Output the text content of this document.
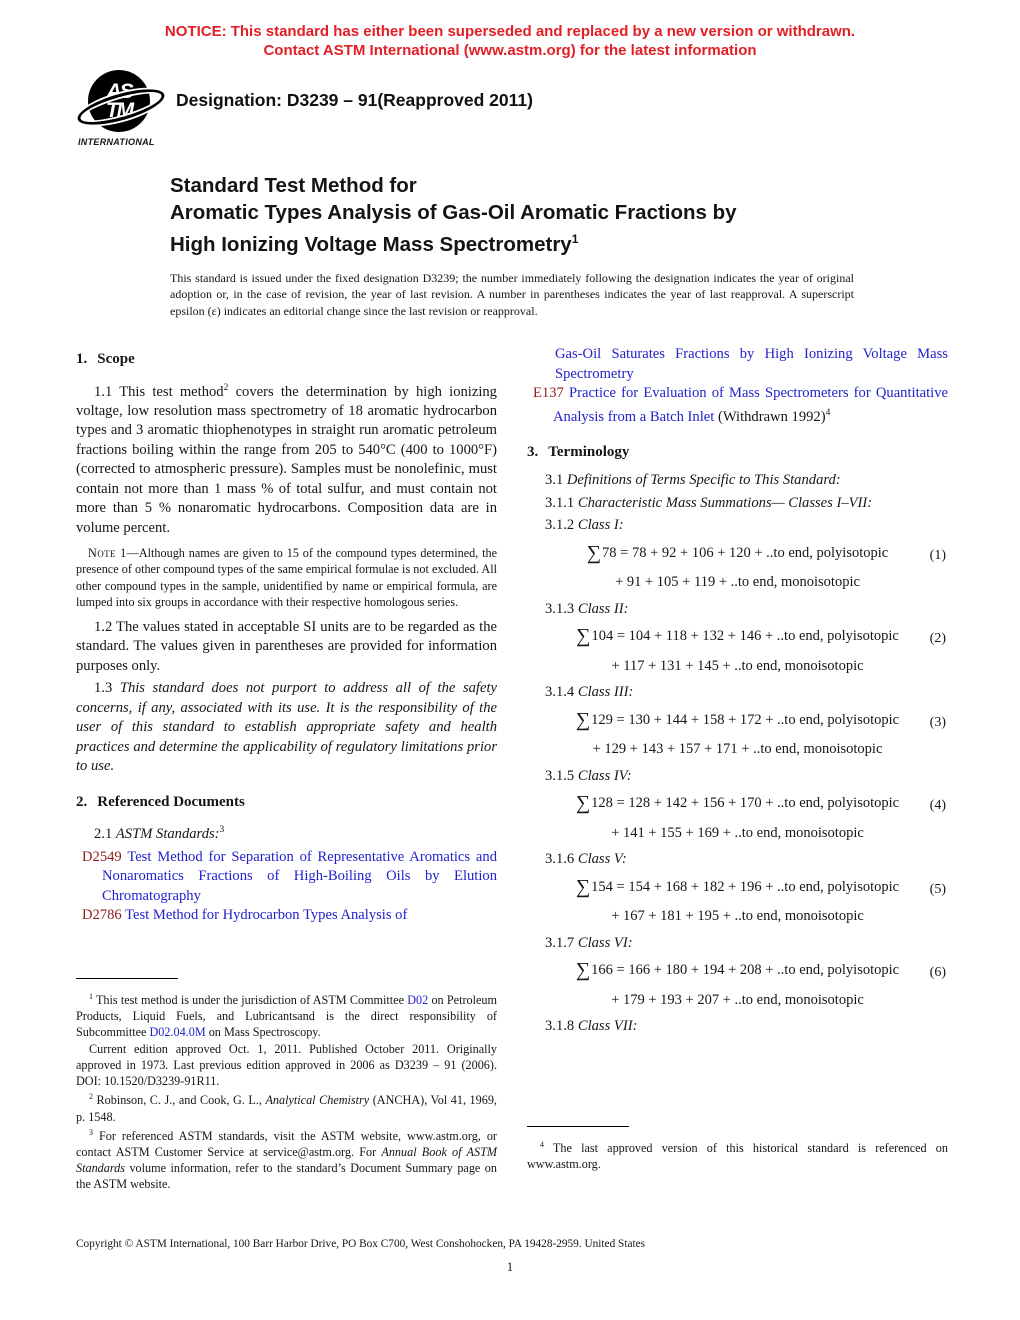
NOTICE: This standard has either been superseded and replaced by a new version or withdrawn.
Contact ASTM International (www.astm.org) for the latest information
AS
TM
INTERNATIONAL
Designation: D3239 – 91(Reapproved 2011)
Standard Test Method for
Aromatic Types Analysis of Gas-Oil Aromatic Fractions by
High Ionizing Voltage Mass Spectrometry$^1$
This standard is issued under the fixed designation D3239; the number immediately following the designation indicates the year of original adoption or, in the case of revision, the year of last revision. A number in parentheses indicates the year of last reapproval. A superscript epsilon (ε) indicates an editorial change since the last revision or reapproval.
1. Scope

1.1 This test method$^2$ covers the determination by high ionizing voltage, low resolution mass spectrometry of 18 aromatic hydrocarbon types and 3 aromatic thiophenotypes in straight run aromatic petroleum fractions boiling within the range from 205 to 540°C (400 to 1000°F) (corrected to atmospheric pressure). Samples must be nonolefinic, must contain not more than 1 mass % of total sulfur, and must contain not more than 5 % nonaromatic hydrocarbons. Composition data are in volume percent.

Note 1—Although names are given to 15 of the compound types determined, the presence of other compound types of the same empirical formulae is not excluded. All other compound types in the sample, unidentified by name or empirical formula, are lumped into six groups in accordance with their respective homologous series.

1.2 The values stated in acceptable SI units are to be regarded as the standard. The values given in parentheses are provided for information purposes only.

1.3 This standard does not purport to address all of the safety concerns, if any, associated with its use. It is the responsibility of the user of this standard to establish appropriate safety and health practices and determine the applicability of regulatory limitations prior to use.

2. Referenced Documents

2.1 ASTM Standards:$^3$

D2549 Test Method for Separation of Representative Aromatics and Nonaromatics Fractions of High-Boiling Oils by Elution Chromatography

D2786 Test Method for Hydrocarbon Types Analysis of

Gas-Oil Saturates Fractions by High Ionizing Voltage Mass Spectrometry

E137 Practice for Evaluation of Mass Spectrometers for Quantitative Analysis from a Batch Inlet (Withdrawn 1992)$^4$

3. Terminology

3.1 Definitions of Terms Specific to This Standard:

3.1.1 Characteristic Mass Summations— Classes I–VII:

3.1.2 Class I:

∑78 = 78 + 92 + 106 + 120 + ..to end, polyisotopic	(1)
+ 91 + 105 + 119 + ..to end, monoisotopic

3.1.3 Class II:

∑104 = 104 + 118 + 132 + 146 + ..to end, polyisotopic (2)
+ 117 + 131 + 145 + ..to end, monoisotopic

3.1.4 Class III:

∑129 = 130 + 144 + 158 + 172 + ..to end, polyisotopic (3)
+ 129 + 143 + 157 + 171 + ..to end, monoisotopic

3.1.5 Class IV:

∑128 = 128 + 142 + 156 + 170 + ..to end, polyisotopic (4)
+ 141 + 155 + 169 + ..to end, monoisotopic

3.1.6 Class V:

∑154 = 154 + 168 + 182 + 196 + ..to end, polyisotopic (5)
+ 167 + 181 + 195 + ..to end, monoisotopic

3.1.7 Class VI:

∑166 = 166 + 180 + 194 + 208 + ..to end, polyisotopic (6)
+ 179 + 193 + 207 + ..to end, monoisotopic

3.1.8 Class VII:

$^1$ This test method is under the jurisdiction of ASTM Committee D02 on Petroleum Products, Liquid Fuels, and Lubricantsand is the direct responsibility of Subcommittee D02.04.0M on Mass Spectroscopy.

Current edition approved Oct. 1, 2011. Published October 2011. Originally approved in 1973. Last previous edition approved in 2006 as D3239 – 91 (2006). DOI: 10.1520/D3239-91R11.

$^2$ Robinson, C. J., and Cook, G. L., Analytical Chemistry (ANCHA), Vol 41, 1969, p. 1548.

$^3$ For referenced ASTM standards, visit the ASTM website, www.astm.org, or contact ASTM Customer Service at service@astm.org. For Annual Book of ASTM Standards volume information, refer to the standard’s Document Summary page on the ASTM website.

$^4$ The last approved version of this historical standard is referenced on www.astm.org.

Copyright © ASTM International, 100 Barr Harbor Drive, PO Box C700, West Conshohocken, PA 19428-2959. United States
1
